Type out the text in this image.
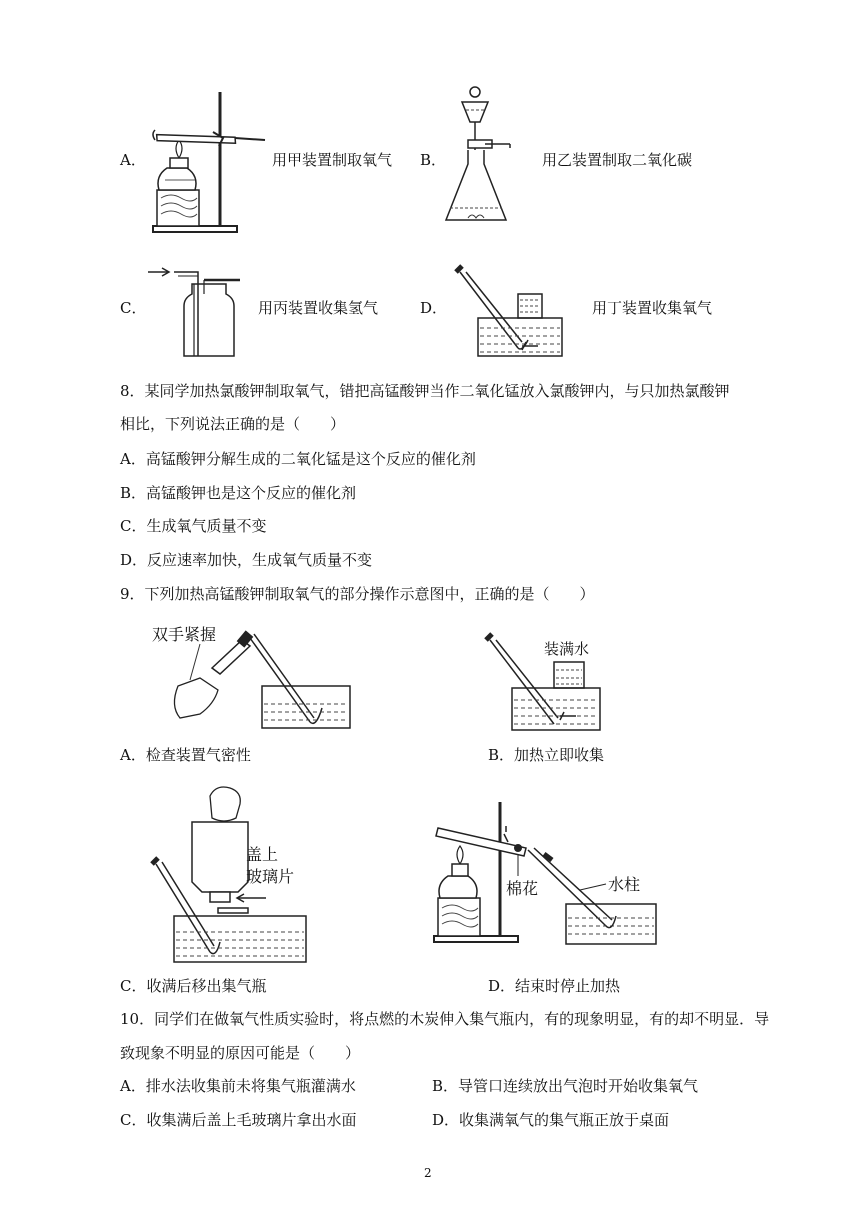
A．	用甲装置制取氧气 B．	用乙装置制取二氧化碳
C．	用丙装置收集氢气	D．	用丁装置收集氧气
8．某同学加热氯酸钾制取氧气，错把高锰酸钾当作二氧化锰放入氯酸钾内，与只加热氯酸钾
相比，下列说法正确的是（　　）
A．高锰酸钾分解生成的二氧化锰是这个反应的催化剂
B．高锰酸钾也是这个反应的催化剂
C．生成氧气质量不变
D．反应速率加快，生成氧气质量不变
9．下列加热高锰酸钾制取氧气的部分操作示意图中，正确的是（　　）
双手紧握
A．检查装置气密性
装满水
B．加热立即收集
盖上
玻璃片
C．收满后移出集气瓶
棉花	水柱
D．结束时停止加热
10．同学们在做氧气性质实验时，将点燃的木炭伸入集气瓶内，有的现象明显，有的却不明显．导
致现象不明显的原因可能是（　　）
A．排水法收集前未将集气瓶灌满水	B．导管口连续放出气泡时开始收集氧气
C．收集满后盖上毛玻璃片拿出水面	D．收集满氧气的集气瓶正放于桌面
2
